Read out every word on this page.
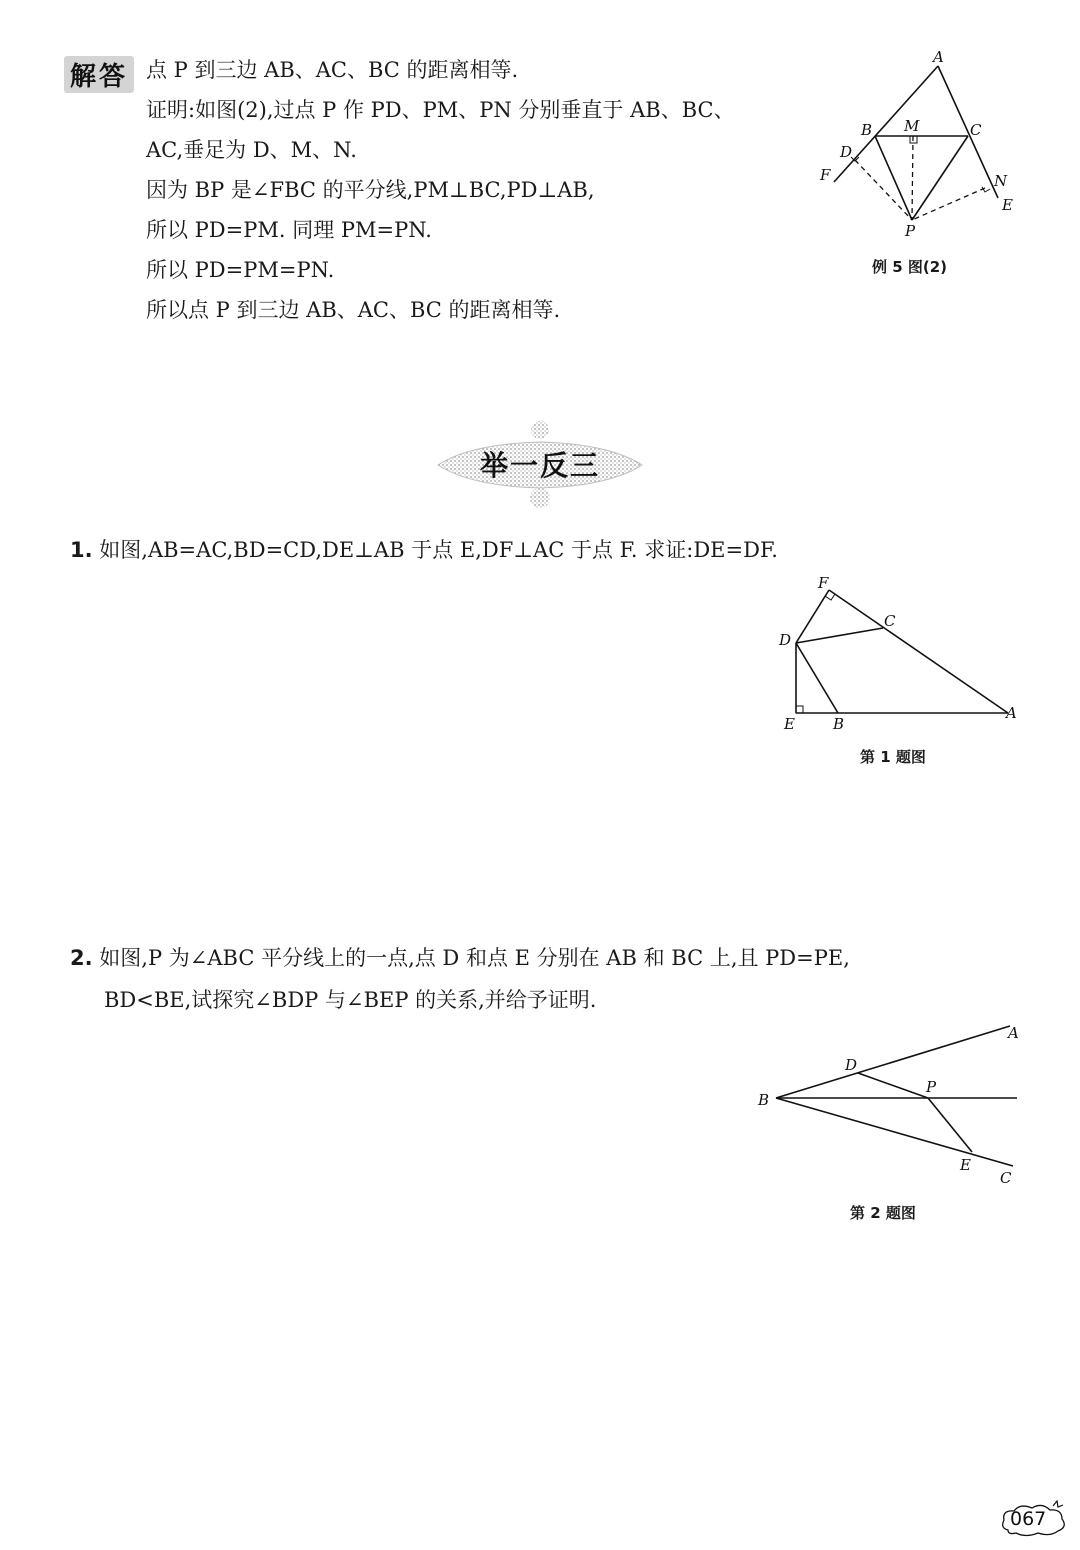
解答 点 P 到三边 AB、AC、BC 的距离相等.
证明:如图(2),过点 P 作 PD、PM、PN 分别垂直于 AB、BC、
AC,垂足为 D、M、N.
因为 BP 是∠FBC 的平分线,PM⊥BC,PD⊥AB,
所以 PD=PM. 同理 PM=PN.
所以 PD=PM=PN.
所以点 P 到三边 AB、AC、BC 的距离相等.
A
B M	C
D
F	N
E
P
例 5 图(2)
举一反三
1. 如图,AB=AC,BD=CD,DE⊥AB 于点 E,DF⊥AC 于点 F. 求证:DE=DF.
F
C
D
E	B
A
第 1 题图
2. 如图,P 为∠ABC 平分线上的一点,点 D 和点 E 分别在 AB 和 BC 上,且 PD=PE,
BD<BE,试探究∠BDP 与∠BEP 的关系,并给予证明.
A
D
P
B
E
C
第 2 题图
067
